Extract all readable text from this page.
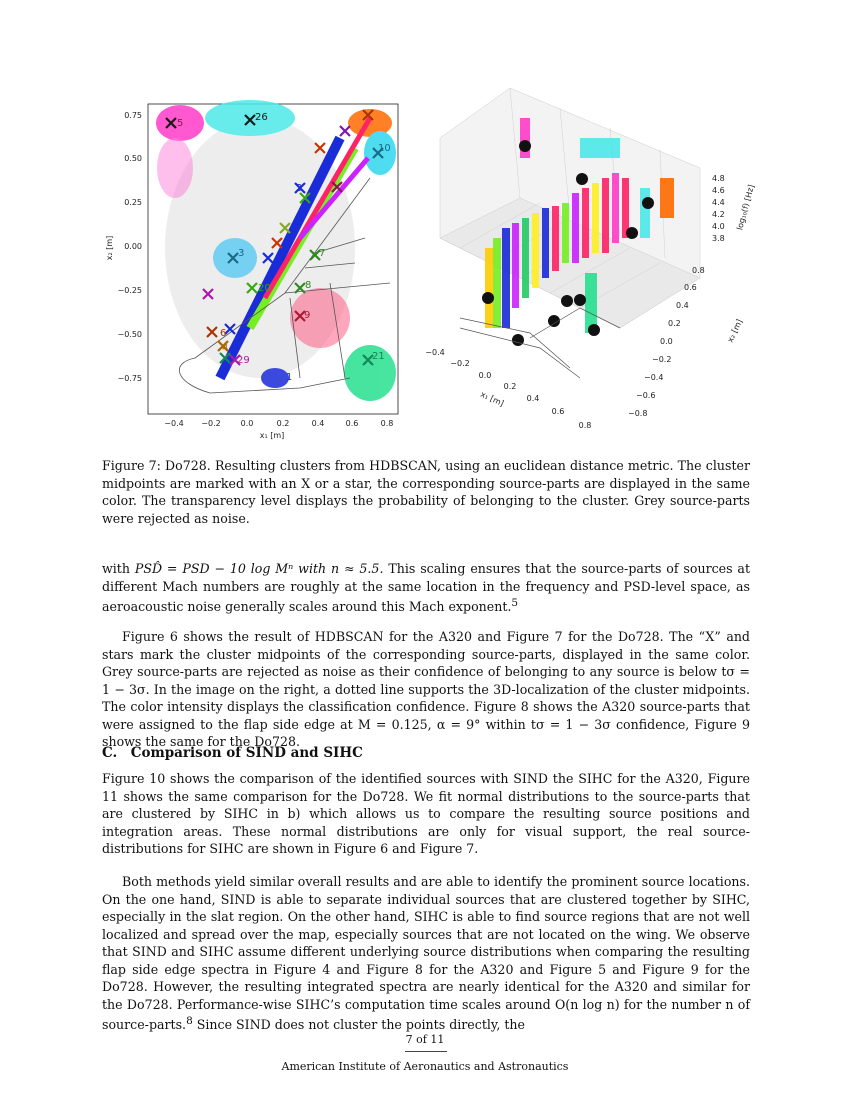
26
5
10
3	7
20	8
9
6
1
21
3
4
29
0.75
0.50
0.25
0.00
−0.25
−0.50
−0.75
−0.4 −0.2 0.0	0.2	0.4	0.6	0.8
x₁ [m]
x₂ [m]
4.8
4.6
4.4
4.2
4.0
3.8
log₁₀(f) [Hz]
0.8
0.6
0.4
0.2
0.0
−0.2
−0.4
−0.6
−0.8
x₂ [m]
−0.4
−0.2
0.0
0.2
0.4
0.6
0.8
x₁ [m]
Figure 7: Do728. Resulting clusters from HDBSCAN, using an euclidean distance metric. The cluster midpoints are marked with an X or a star, the corresponding source-parts are displayed in the same color. The transparency level displays the probability of belonging to the cluster. Grey source-parts were rejected as noise.

with PSD̂ = PSD − 10 log Mⁿ with n ≈ 5.5. This scaling ensures that the source-parts of sources at different Mach numbers are roughly at the same location in the frequency and PSD-level space, as aeroacoustic noise generally scales around this Mach exponent.$^5$

Figure 6 shows the result of HDBSCAN for the A320 and Figure 7 for the Do728. The “X” and stars mark the cluster midpoints of the corresponding source-parts, displayed in the same color. Grey source-parts are rejected as noise as their confidence of belonging to any source is below tσ = 1 − 3σ. In the image on the right, a dotted line supports the 3D-localization of the cluster midpoints. The color intensity displays the classification confidence. Figure 8 shows the A320 source-parts that were assigned to the flap side edge at M = 0.125, α = 9° within tσ = 1 − 3σ confidence, Figure 9 shows the same for the Do728.

C. Comparison of SIND and SIHC

Figure 10 shows the comparison of the identified sources with SIND the SIHC for the A320, Figure 11 shows the same comparison for the Do728. We fit normal distributions to the source-parts that are clustered by SIHC in b) which allows us to compare the resulting source positions and integration areas. These normal distributions are only for visual support, the real source-distributions for SIHC are shown in Figure 6 and Figure 7.

Both methods yield similar overall results and are able to identify the prominent source locations. On the one hand, SIND is able to separate individual sources that are clustered together by SIHC, especially in the slat region. On the other hand, SIHC is able to find source regions that are not well localized and spread over the map, especially sources that are not located on the wing. We observe that SIND and SIHC assume different underlying source distributions when comparing the resulting flap side edge spectra in Figure 4 and Figure 8 for the A320 and Figure 5 and Figure 9 for the Do728. However, the resulting integrated spectra are nearly identical for the A320 and similar for the Do728. Performance-wise SIHC’s computation time scales around O(n log n) for the number n of source-parts.$^8$ Since SIND does not cluster the points directly, the

7 of 11
American Institute of Aeronautics and Astronautics
